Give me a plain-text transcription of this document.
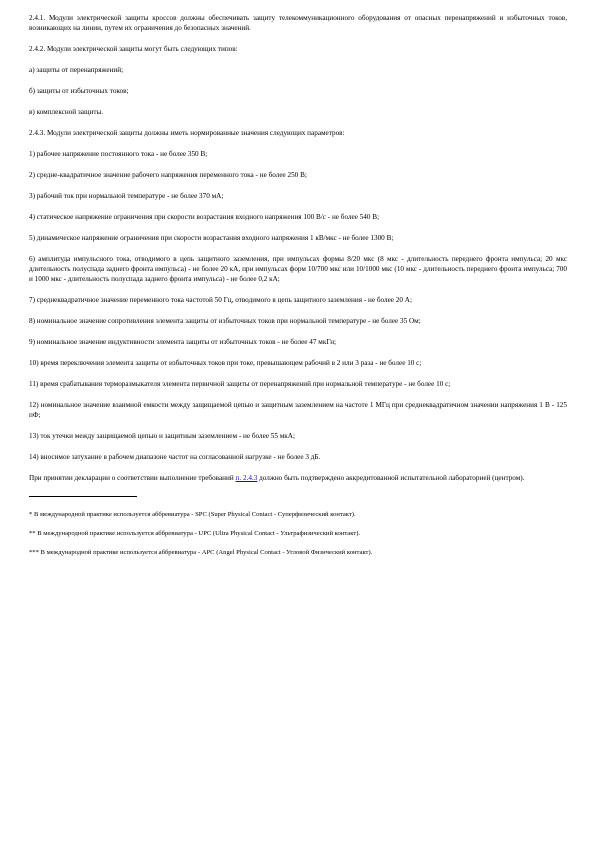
2.4.1. Модули электрической защиты кроссов должны обеспечивать защиту телекоммуникационного оборудования от опасных перенапряжений и избыточных токов, возникающих на линии, путем их ограничения до безопасных значений.

2.4.2. Модули электрической защиты могут быть следующих типов:

а) защиты от перенапряжений;

б) защиты от избыточных токов;

в) комплексной защиты.

2.4.3. Модули электрической защиты должны иметь нормированные значения следующих параметров:

1) рабочее напряжение постоянного тока - не более 350 В;

2) средне-квадратичное значение рабочего напряжения переменного тока - не более 250 В;

3) рабочий ток при нормальной температуре - не более 370 мА;

4) статическое напряжение ограничения при скорости возрастания входного напряжения 100 В/с - не более 540 В;

5) динамическое напряжение ограничения при скорости возрастания входного напряжения 1 кВ/мкс - не более 1300 В;

6) амплитуда импульсного тока, отводимого в цепь защитного заземления, при импульсах формы 8/20 мкс (8 мкс - длительность переднего фронта импульса; 20 мкс длительность полуспада заднего фронта импульса) - не более 20 кА, при импульсах форм 10/700 мкс или 10/1000 мкс (10 мкс - длительность переднего фронта импульса; 700 и 1000 мкс - длительность полуспада заднего фронта импульса) - не более 0,2 кА;

7) среднеквадратичное значение переменного тока частотой 50 Гц, отводимого в цепь защитного заземления - не более 20 А;

8) номинальное значение сопротивления элемента защиты от избыточных токов при нормальной температуре - не более 35 Ом;

9) номинальное значение индуктивности элемента защиты от избыточных токов - не более 47 мкГн;

10) время переключения элемента защиты от избыточных токов при токе, превышающем рабочий в 2 или 3 раза - не более 10 с;

11) время срабатывания терморазмыкателя элемента первичной защиты от перенапряжений при нормальной температуре - не более 10 с;

12) номинальное значение взаимной емкости между защищаемой цепью и защитным заземлением на частоте 1 МГц при среднеквадратичном значении напряжения 1 В - 125 пФ;

13) ток утечки между защищаемой цепью и защитным заземлением - не более 55 мкА;

14) вносимое затухание в рабочем диапазоне частот на согласованной нагрузке - не более 3 дБ.

При принятии декларации о соответствии выполнение требований п. 2.4.3 должно быть подтверждено аккредитованной испытательной лабораторией (центром).

* В международной практике используется аббревиатура - SPC (Super Physical Contact - Суперфизический контакт).

** В международной практике используется аббревиатура - UPC (Ultra Physical Contact - Ультрафизический контакт).

*** В международной практике используется аббревиатура - APC (Angel Physical Contact - Угловой Физический контакт).
